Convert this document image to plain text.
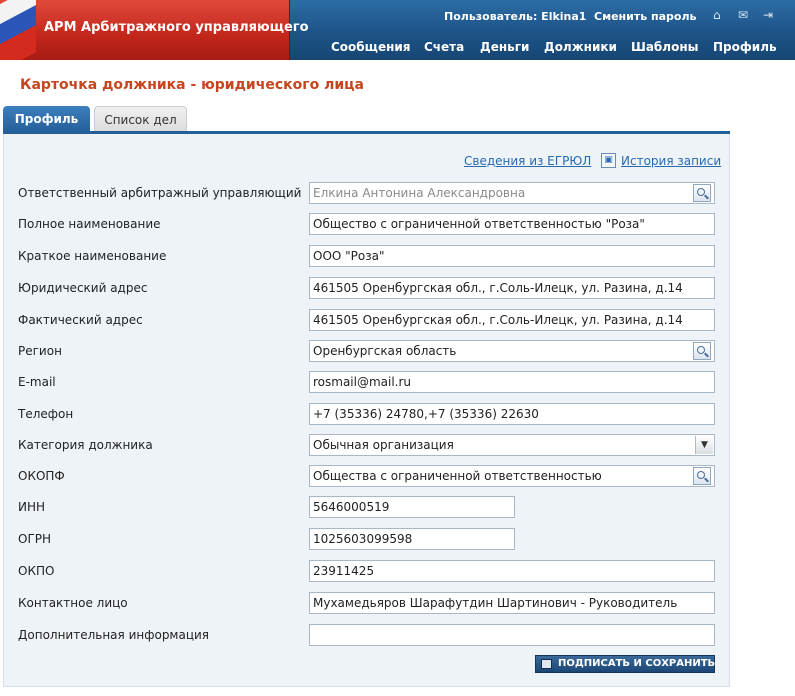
АРМ Арбитражного управляющего
Пользователь: Elkina1 Сменить пароль ⌂ ✉ ⇥
Сообщения Счета Деньги Должники Шаблоны Профиль
Карточка должника - юридического лица
Профиль	Список дел
Сведения из ЕГРЮЛ	▣ История записи
Ответственный арбитражный управляющий Елкина Антонина Александровна
Полное наименование	Общество с ограниченной ответственностью "Роза"
Краткое наименование	ООО "Роза"
Юридический адрес	461505 Оренбургская обл., г.Соль-Илецк, ул. Разина, д.14
Фактический адрес	461505 Оренбургская обл., г.Соль-Илецк, ул. Разина, д.14
Регион	Оренбургская область
E-mail	rosmail@mail.ru
Телефон	+7 (35336) 24780,+7 (35336) 22630
Категория должника	Обычная организация	▼
ОКОПФ	Общества с ограниченной ответственностью
ИНН	5646000519
ОГРН	1025603099598
ОКПО	23911425
Контактное лицо	Мухамедьяров Шарафутдин Шартинович - Руководитель
Дополнительная информация
ПОДПИСАТЬ И СОХРАНИТЬ
